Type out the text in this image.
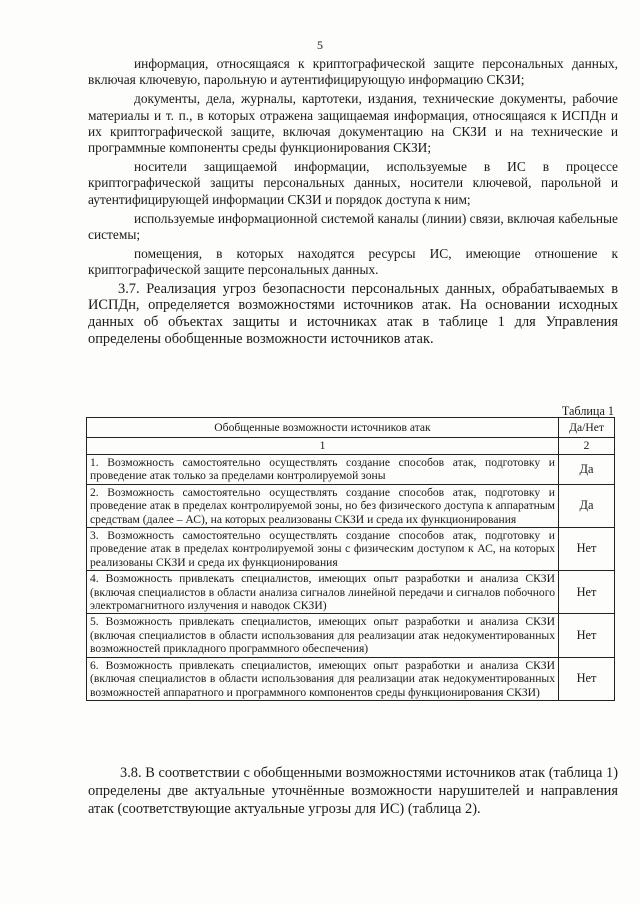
5

информация, относящаяся к криптографической защите персональных данных, включая ключевую, парольную и аутентифицирующую информацию СКЗИ;

документы, дела, журналы, картотеки, издания, технические документы, рабочие материалы и т. п., в которых отражена защищаемая информация, относящаяся к ИСПДн и их криптографической защите, включая документацию на СКЗИ и на технические и программные компоненты среды функционирования СКЗИ;

носители защищаемой информации, используемые в ИС в процессе криптографической защиты персональных данных, носители ключевой, парольной и аутентифицирующей информации СКЗИ и порядок доступа к ним;

используемые информационной системой каналы (линии) связи, включая кабельные системы;

помещения, в которых находятся ресурсы ИС, имеющие отношение к криптографической защите персональных данных.

3.7. Реализация угроз безопасности персональных данных, обрабатываемых в ИСПДн, определяется возможностями источников атак. На основании исходных данных об объектах защиты и источниках атак в таблице 1 для Управления определены обобщенные возможности источников атак.

Таблица 1
Обобщенные возможности источников атак	Да/Нет
1	2
1. Возможность самостоятельно осуществлять создание способов атак, подготовку и проведение атак только за пределами контролируемой зоны	Да
2. Возможность самостоятельно осуществлять создание способов атак, подготовку и проведение атак в пределах контролируемой зоны, но без физического доступа к аппаратным средствам (далее – АС), на которых реализованы СКЗИ и среда их функционирования	Да
3. Возможность самостоятельно осуществлять создание способов атак, подготовку и проведение атак в пределах контролируемой зоны с физическим доступом к АС, на которых реализованы СКЗИ и среда их функционирования	Нет
4. Возможность привлекать специалистов, имеющих опыт разработки и анализа СКЗИ (включая специалистов в области анализа сигналов линейной передачи и сигналов побочного электромагнитного излучения и наводок СКЗИ)	Нет
5. Возможность привлекать специалистов, имеющих опыт разработки и анализа СКЗИ (включая специалистов в области использования для реализации атак недокументированных возможностей прикладного программного обеспечения)	Нет
6. Возможность привлекать специалистов, имеющих опыт разработки и анализа СКЗИ (включая специалистов в области использования для реализации атак недокументированных возможностей аппаратного и программного компонентов среды функционирования СКЗИ)	Нет

3.8. В соответствии с обобщенными возможностями источников атак (таблица 1) определены две актуальные уточнённые возможности нарушителей и направления атак (соответствующие актуальные угрозы для ИС) (таблица 2).
